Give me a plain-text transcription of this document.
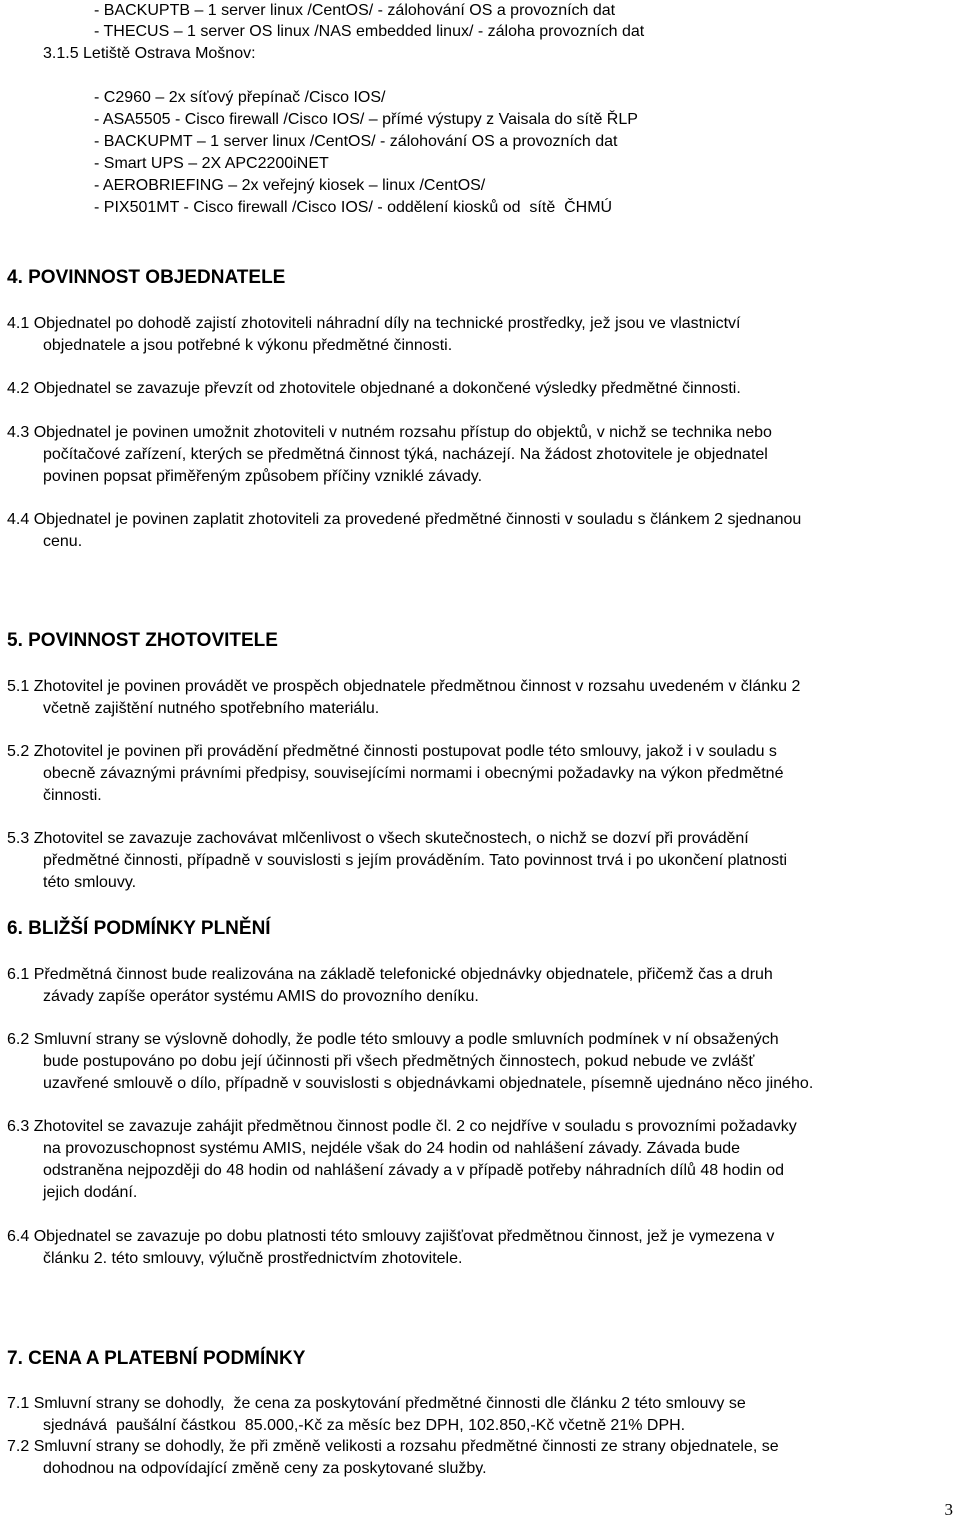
- BACKUPTB – 1 server linux /CentOS/ - zálohování OS a provozních dat
- THECUS – 1 server OS linux /NAS embedded linux/ - záloha provozních dat
3.1.5 Letiště Ostrava Mošnov:
- C2960 – 2x síťový přepínač /Cisco IOS/
- ASA5505 - Cisco firewall /Cisco IOS/ – přímé výstupy z Vaisala do sítě ŘLP
- BACKUPMT – 1 server linux /CentOS/ - zálohování OS a provozních dat
- Smart UPS – 2X APC2200iNET
- AEROBRIEFING – 2x veřejný kiosek – linux /CentOS/
- PIX501MT - Cisco firewall /Cisco IOS/ - oddělení kiosků od  sítě  ČHMÚ
4. POVINNOST OBJEDNATELE
4.1 Objednatel po dohodě zajistí zhotoviteli náhradní díly na technické prostředky, jež jsou ve vlastnictví
objednatele a jsou potřebné k výkonu předmětné činnosti.
4.2 Objednatel se zavazuje převzít od zhotovitele objednané a dokončené výsledky předmětné činnosti.
4.3 Objednatel je povinen umožnit zhotoviteli v nutném rozsahu přístup do objektů, v nichž se technika nebo
počítačové zařízení, kterých se předmětná činnost týká, nacházejí. Na žádost zhotovitele je objednatel
povinen popsat přiměřeným způsobem příčiny vzniklé závady.
4.4 Objednatel je povinen zaplatit zhotoviteli za provedené předmětné činnosti v souladu s článkem 2 sjednanou
cenu.
5. POVINNOST ZHOTOVITELE
5.1 Zhotovitel je povinen provádět ve prospěch objednatele předmětnou činnost v rozsahu uvedeném v článku 2
včetně zajištění nutného spotřebního materiálu.
5.2 Zhotovitel je povinen při provádění předmětné činnosti postupovat podle této smlouvy, jakož i v souladu s
obecně závaznými právními předpisy, souvisejícími normami i obecnými požadavky na výkon předmětné
činnosti.
5.3 Zhotovitel se zavazuje zachovávat mlčenlivost o všech skutečnostech, o nichž se dozví při provádění
předmětné činnosti, případně v souvislosti s jejím prováděním. Tato povinnost trvá i po ukončení platnosti
této smlouvy.
6. BLIŽŠÍ PODMÍNKY PLNĚNÍ
6.1 Předmětná činnost bude realizována na základě telefonické objednávky objednatele, přičemž čas a druh
závady zapíše operátor systému AMIS do provozního deníku.
6.2 Smluvní strany se výslovně dohodly, že podle této smlouvy a podle smluvních podmínek v ní obsažených
bude postupováno po dobu její účinnosti při všech předmětných činnostech, pokud nebude ve zvlášť
uzavřené smlouvě o dílo, případně v souvislosti s objednávkami objednatele, písemně ujednáno něco jiného.
6.3 Zhotovitel se zavazuje zahájit předmětnou činnost podle čl. 2 co nejdříve v souladu s provozními požadavky
na provozuschopnost systému AMIS, nejdéle však do 24 hodin od nahlášení závady. Závada bude
odstraněna nejpozději do 48 hodin od nahlášení závady a v případě potřeby náhradních dílů 48 hodin od
jejich dodání.
6.4 Objednatel se zavazuje po dobu platnosti této smlouvy zajišťovat předmětnou činnost, jež je vymezena v
článku 2. této smlouvy, výlučně prostřednictvím zhotovitele.
7. CENA A PLATEBNÍ PODMÍNKY
7.1 Smluvní strany se dohodly,  že cena za poskytování předmětné činnosti dle článku 2 této smlouvy se
sjednává  paušální částkou  85.000,-Kč za měsíc bez DPH, 102.850,-Kč včetně 21% DPH.
7.2 Smluvní strany se dohodly, že při změně velikosti a rozsahu předmětné činnosti ze strany objednatele, se
dohodnou na odpovídající změně ceny za poskytované služby.
3
